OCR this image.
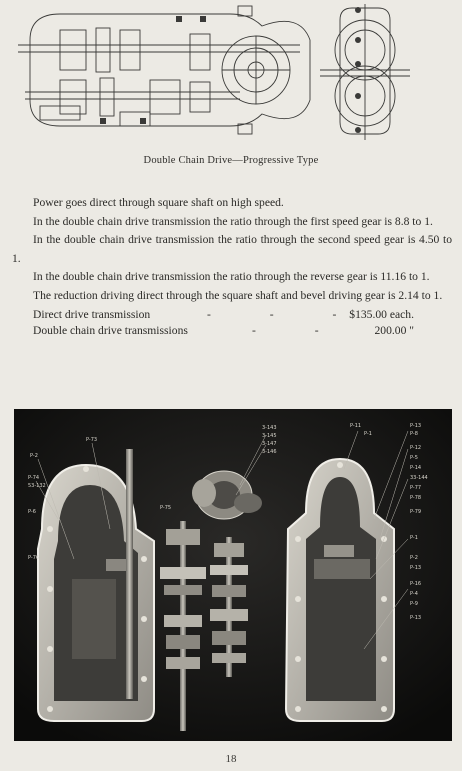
Double Chain Drive—Progressive Type

Power goes direct through square shaft on high speed.

In the double chain drive transmission the ratio through the first speed gear is 8.8 to 1.

In the double chain drive transmission the ratio through the second speed gear is 4.50 to 1.

In the double chain drive transmission the ratio through the reverse gear is 11.16 to 1.

The reduction driving direct through the square shaft and bevel driving gear is 2.14 to 1.

Direct drive transmission	- - -
$135.00 each.
Double chain drive transmissions	- - 200.00 "
P-73
P-2
P-74
53-132
P-6
P-76
3-143
3-145
3-147
3-146
P-75
P-11
P-1
P-13
P-8
P-12
P-5
P-14
33-144
P-77
P-78
P-79
P-1
P-2
P-13
P-16
P-4
P-9
P-13
18
